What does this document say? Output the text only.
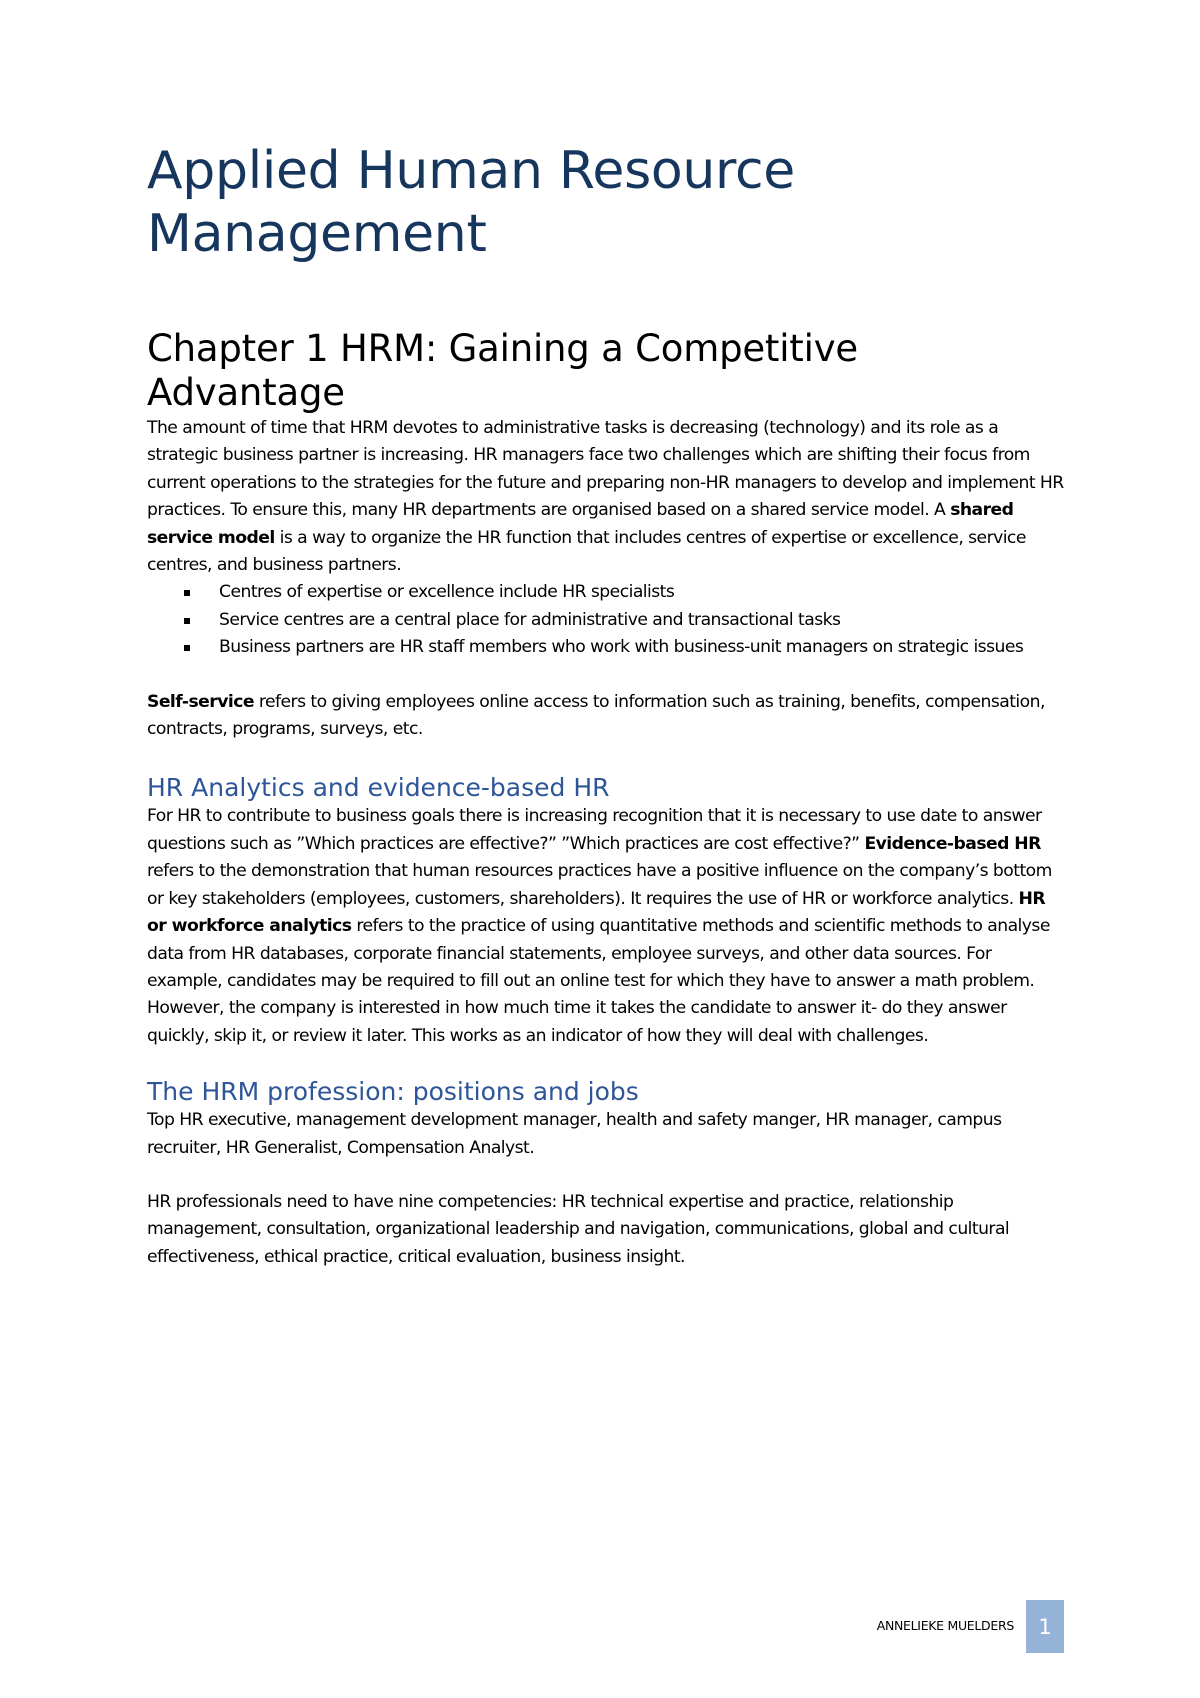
Applied Human Resource Management
Chapter 1 HRM: Gaining a Competitive Advantage

The amount of time that HRM devotes to administrative tasks is decreasing (technology) and its role as a strategic business partner is increasing. HR managers face two challenges which are shifting their focus from current operations to the strategies for the future and preparing non-HR managers to develop and implement HR practices. To ensure this, many HR departments are organised based on a shared service model. A shared service model is a way to organize the HR function that includes centres of expertise or excellence, service centres, and business partners.

Centres of expertise or excellence include HR specialists
Service centres are a central place for administrative and transactional tasks
Business partners are HR staff members who work with business-unit managers on strategic issues

Self-service refers to giving employees online access to information such as training, benefits, compensation, contracts, programs, surveys, etc.

HR Analytics and evidence-based HR

For HR to contribute to business goals there is increasing recognition that it is necessary to use date to answer questions such as ”Which practices are effective?” ”Which practices are cost effective?” Evidence-based HR refers to the demonstration that human resources practices have a positive influence on the company’s bottom or key stakeholders (employees, customers, shareholders). It requires the use of HR or workforce analytics. HR or workforce analytics refers to the practice of using quantitative methods and scientific methods to analyse data from HR databases, corporate financial statements, employee surveys, and other data sources. For example, candidates may be required to fill out an online test for which they have to answer a math problem. However, the company is interested in how much time it takes the candidate to answer it- do they answer quickly, skip it, or review it later. This works as an indicator of how they will deal with challenges.

The HRM profession: positions and jobs

Top HR executive, management development manager, health and safety manger, HR manager, campus recruiter, HR Generalist, Compensation Analyst.

HR professionals need to have nine competencies: HR technical expertise and practice, relationship management, consultation, organizational leadership and navigation, communications, global and cultural effectiveness, ethical practice, critical evaluation, business insight.

ANNELIEKE MUELDERS	1
